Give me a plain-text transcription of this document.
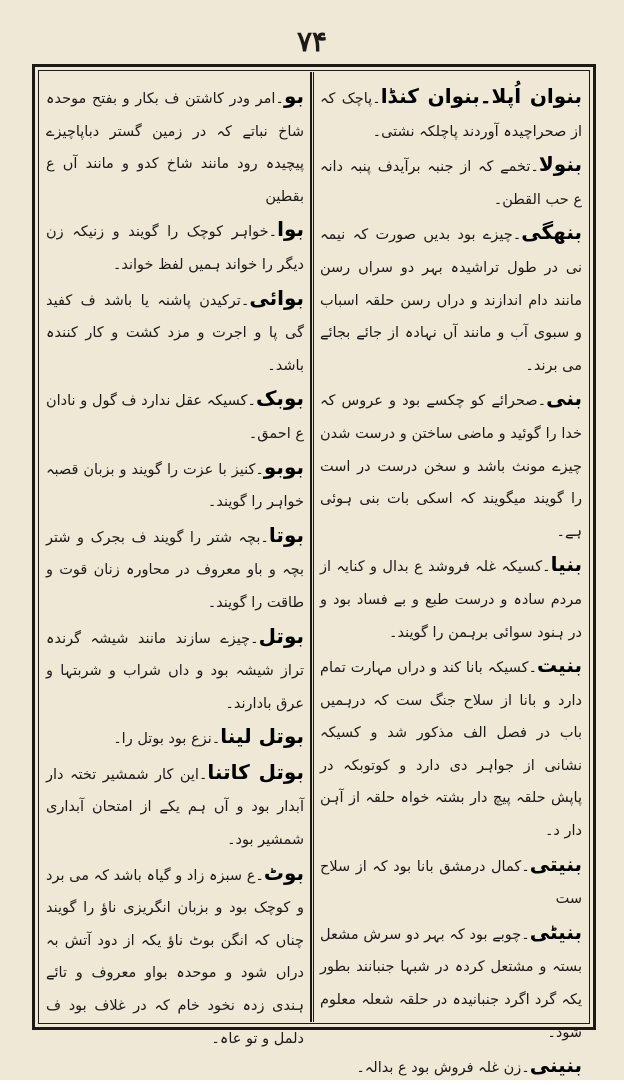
۷۴

بنوان اُپلا۔بنوان کنڈا۔پاچک کہ از صحراچیدہ آوردند پاچلکہ نشتی۔

بنولا۔تخمے کہ از جنبہ برآیدف پنبہ دانہ ع حب القطن۔

بنھگی۔چیزے بود بدیں صورت کہ نیمہ نی در طول تراشیدہ بہر دو سراں رسن مانند دام اندازند و دراں رسن حلقہ اسباب و سبوی آب و مانند آں نہادہ از جائے بجائے می برند۔

بنی۔صحرائے کو چکسے بود و عروس کہ خدا را گوئید و ماضی ساختن و درست شدن چیزے مونث باشد و سخن درست در است را گویند میگویند کہ اسکی بات بنی ہوئی ہے۔

بنیا۔کسیکہ غلہ فروشد ع بدال و کنایہ از مردم سادہ و درست طبع و بے فساد بود و در ہنود سوائی برہمن را گویند۔

بنیت۔کسیکہ بانا کند و دراں مہارت تمام دارد و بانا از سلاح جنگ ست کہ درہمیں باب در فصل الف مذکور شد و کسیکہ نشانی از جواہر دی دارد و کوتوبکہ در پاپش حلقہ پیچ دار بشتہ خواہ حلقہ از آہن دار د۔

بنیتی۔کمال درمشق بانا بود کہ از سلاح ست

بنیٹی۔چوبے بود کہ بہر دو سرش مشعل بستہ و مشتعل کردہ در شبہا جنبانند بطور یکہ گرد اگرد جنبانیدہ در حلقہ شعلہ معلوم شود۔

بنینی۔زن غلہ فروش بود ع بدالہ۔

بو۔امر ودر کاشتن ف بکار و بفتح موحدہ شاخ نباتے کہ در زمین گستر دباپاچیزے پیچیدہ رود مانند شاخ کدو و مانند آں ع بقطین

بوا۔خواہر کوچک را گویند و زنیکہ زن دیگر را خواند ہمیں لفظ خواند۔

بوائی۔ترکیدن پاشنہ یا باشد ف کفید گی پا و اجرت و مزد کشت و کار کنندہ باشد۔

بوبک۔کسیکہ عقل ندارد ف گول و نادان ع احمق۔

بوبو۔کنیز با عزت را گویند و بزبان قصبہ خواہر را گویند۔

بوتا۔بچہ شتر را گویند ف بجرک و شتر بچہ و باو معروف در محاورہ زنان قوت و طاقت را گویند۔

بوتل۔چیزے سازند مانند شیشہ گرندہ تراز شیشہ بود و داں شراب و شربتہا و عرق بادارند۔

بوتل لینا۔نزع بود بوتل را۔

بوتل کاتنا۔این کار شمشیر تختہ دار آبدار بود و آں ہم یکے از امتحان آبداری شمشیر بود۔

بوٹ۔ع سبزہ زاد و گیاہ باشد کہ می برد و کوچک بود و بزبان انگریزی ناؤ را گویند چناں کہ انگن بوٹ ناؤ یکہ از دود آتش بہ دراں شود و موحدہ بواو معروف و تائے ہندی زدہ نخود خام کہ در غلاف بود ف دلمل و تو عاہ۔
